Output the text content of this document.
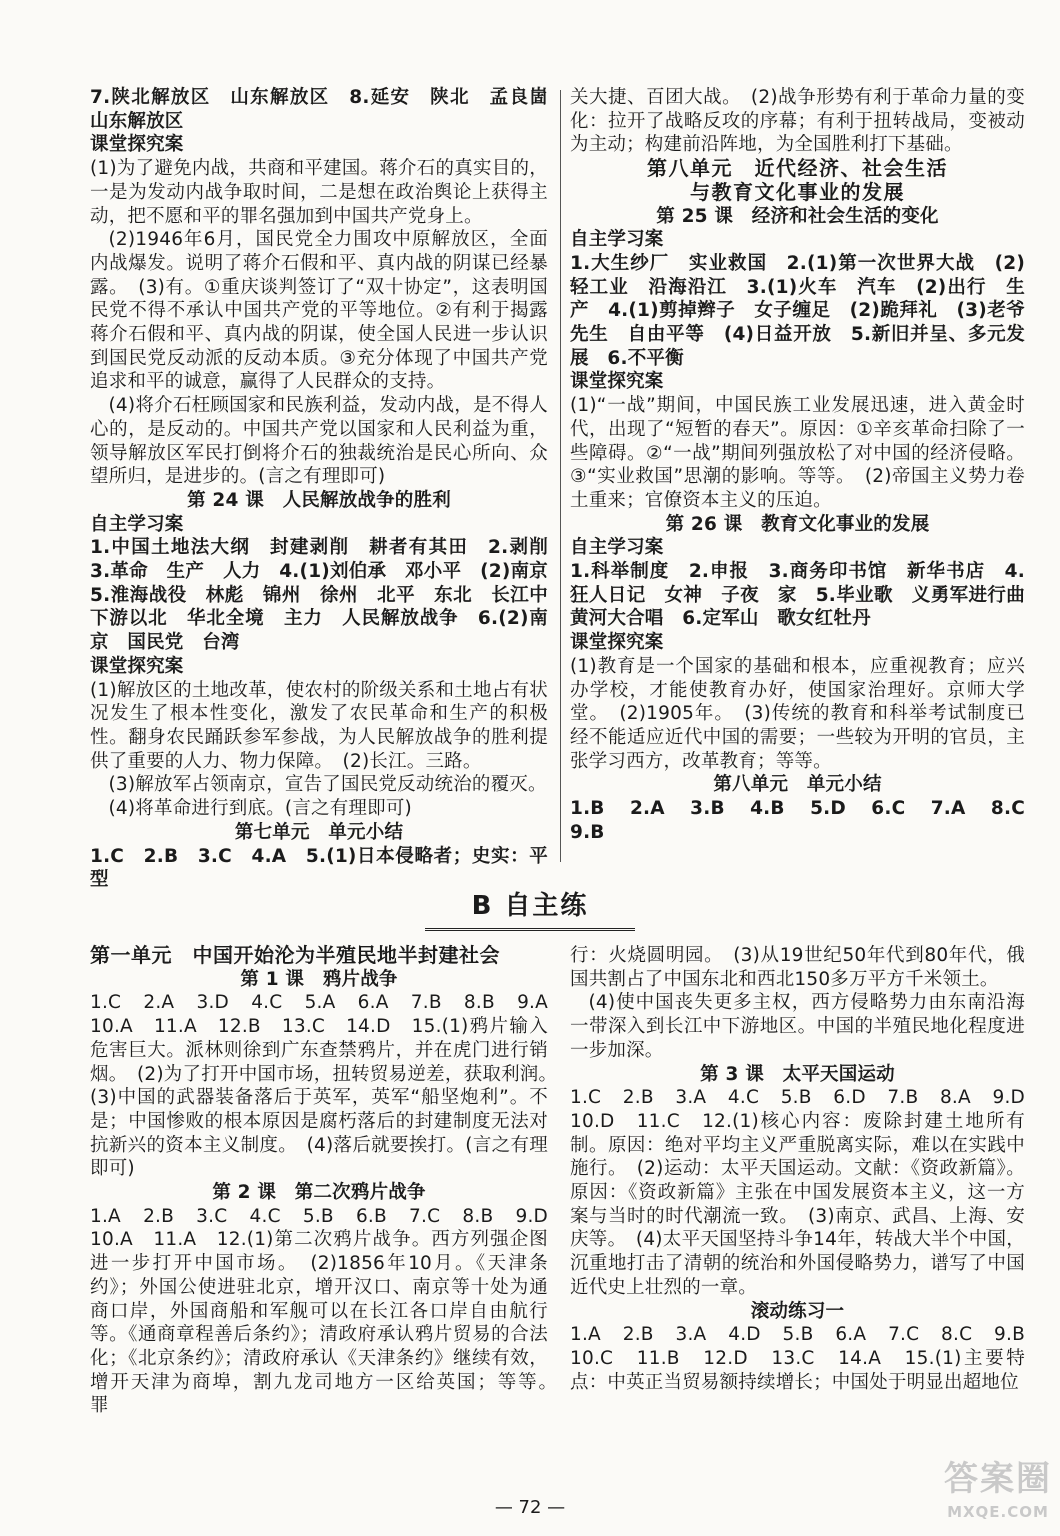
7.陕北解放区　山东解放区　8.延安　陕北　孟良崮　山东解放区

课堂探究案

(1)为了避免内战，共商和平建国。蒋介石的真实目的，一是为发动内战争取时间，二是想在政治舆论上获得主动，把不愿和平的罪名强加到中国共产党身上。

(2)1946年6月，国民党全力围攻中原解放区，全面内战爆发。说明了蒋介石假和平、真内战的阴谋已经暴露。　(3)有。①重庆谈判签订了“双十协定”，这表明国民党不得不承认中国共产党的平等地位。②有利于揭露蒋介石假和平、真内战的阴谋，使全国人民进一步认识到国民党反动派的反动本质。③充分体现了中国共产党追求和平的诚意，赢得了人民群众的支持。

(4)将介石枉顾国家和民族利益，发动内战，是不得人心的，是反动的。中国共产党以国家和人民利益为重，领导解放区军民打倒将介石的独裁统治是民心所向、众望所归，是进步的。(言之有理即可)

第 24 课　人民解放战争的胜利

自主学习案

1.中国土地法大纲　封建剥削　耕者有其田　2.剥削　3.革命　生产　人力　4.(1)刘伯承　邓小平　(2)南京　5.淮海战役　林彪　锦州　徐州　北平　东北　长江中下游以北　华北全境　主力　人民解放战争　6.(2)南京　国民党　台湾

课堂探究案

(1)解放区的土地改革，使农村的阶级关系和土地占有状况发生了根本性变化，激发了农民革命和生产的积极性。翻身农民踊跃参军参战，为人民解放战争的胜利提供了重要的人力、物力保障。　(2)长江。三路。

(3)解放军占领南京，宣告了国民党反动统治的覆灭。

(4)将革命进行到底。(言之有理即可)

第七单元　单元小结

1.C　2.B　3.C　4.A　5.(1)日本侵略者；史实：平型

关大捷、百团大战。　(2)战争形势有利于革命力量的变化：拉开了战略反攻的序幕；有利于扭转战局，变被动为主动；构建前沿阵地，为全国胜利打下基础。

第八单元　近代经济、社会生活

与教育文化事业的发展

第 25 课　经济和社会生活的变化

自主学习案

1.大生纱厂　实业救国　2.(1)第一次世界大战　(2)轻工业　沿海沿江　3.(1)火车　汽车　(2)出行　生产　4.(1)剪掉辫子　女子缠足　(2)跪拜礼　(3)老爷　先生　自由平等　(4)日益开放　5.新旧并呈、多元发展　6.不平衡

课堂探究案

(1)“一战”期间，中国民族工业发展迅速，进入黄金时代，出现了“短暂的春天”。原因：①辛亥革命扫除了一些障碍。②“一战”期间列强放松了对中国的经济侵略。③“实业救国”思潮的影响。等等。　(2)帝国主义势力卷土重来；官僚资本主义的压迫。

第 26 课　教育文化事业的发展

自主学习案

1.科举制度　2.申报　3.商务印书馆　新华书店　4.狂人日记　女神　子夜　家　5.毕业歌　义勇军进行曲　黄河大合唱　6.定军山　歌女红牡丹

课堂探究案

(1)教育是一个国家的基础和根本，应重视教育；应兴办学校，才能使教育办好，使国家治理好。京师大学堂。　(2)1905年。　(3)传统的教育和科举考试制度已经不能适应近代中国的需要；一些较为开明的官员，主张学习西方，改革教育；等等。

第八单元　单元小结

1.B　2.A　3.B　4.B　5.D　6.C　7.A　8.C　9.B

B 自主练

第一单元　中国开始沦为半殖民地半封建社会

第 1 课　鸦片战争

1.C　2.A　3.D　4.C　5.A　6.A　7.B　8.B　9.A　10.A　11.A　12.B　13.C　14.D　15.(1)鸦片输入危害巨大。派林则徐到广东查禁鸦片，并在虎门进行销烟。　(2)为了打开中国市场，扭转贸易逆差，获取利润。　(3)中国的武器装备落后于英军，英军“船坚炮利”。不是；中国惨败的根本原因是腐朽落后的封建制度无法对抗新兴的资本主义制度。　(4)落后就要挨打。(言之有理即可)

第 2 课　第二次鸦片战争

1.A　2.B　3.C　4.C　5.B　6.B　7.C　8.B　9.D　10.A　11.A　12.(1)第二次鸦片战争。西方列强企图进一步打开中国市场。　(2)1856年10月。《天津条约》；外国公使进驻北京，增开汉口、南京等十处为通商口岸，外国商船和军舰可以在长江各口岸自由航行等。《通商章程善后条约》；清政府承认鸦片贸易的合法化；《北京条约》；清政府承认《天津条约》继续有效，增开天津为商埠，割九龙司地方一区给英国；等等。　罪

行：火烧圆明园。　(3)从19世纪50年代到80年代，俄国共割占了中国东北和西北150多万平方千米领土。

(4)使中国丧失更多主权，西方侵略势力由东南沿海一带深入到长江中下游地区。中国的半殖民地化程度进一步加深。

第 3 课　太平天国运动

1.C　2.B　3.A　4.C　5.B　6.D　7.B　8.A　9.D　10.D　11.C　12.(1)核心内容：废除封建土地所有制。原因：绝对平均主义严重脱离实际，难以在实践中施行。　(2)运动：太平天国运动。文献：《资政新篇》。原因：《资政新篇》主张在中国发展资本主义，这一方案与当时的时代潮流一致。　(3)南京、武昌、上海、安庆等。　(4)太平天国坚持斗争14年，转战大半个中国，沉重地打击了清朝的统治和外国侵略势力，谱写了中国近代史上壮烈的一章。

滚动练习一

1.A　2.B　3.A　4.D　5.B　6.A　7.C　8.C　9.B　10.C　11.B　12.D　13.C　14.A　15.(1)主要特点：中英正当贸易额持续增长；中国处于明显出超地位

— 72 —
答案圈
MXQE.COM
